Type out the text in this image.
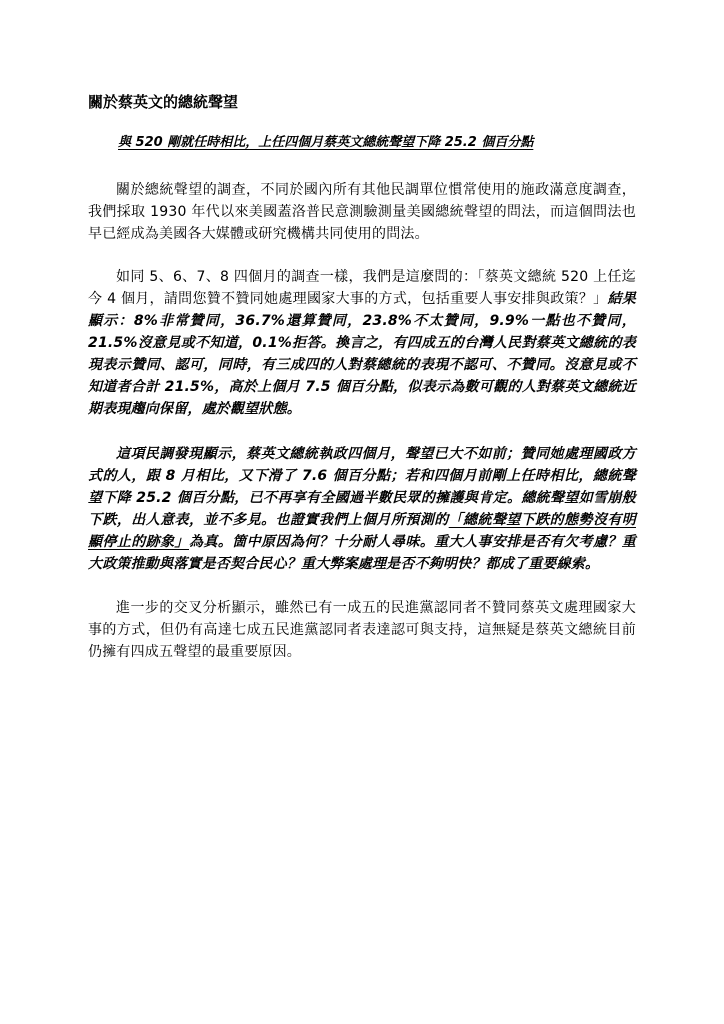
關於蔡英文的總統聲望
與 520 剛就任時相比，上任四個月蔡英文總統聲望下降 25.2 個百分點

關於總統聲望的調查，不同於國內所有其他民調單位慣常使用的施政滿意度調查，我們採取 1930 年代以來美國蓋洛普民意測驗測量美國總統聲望的問法，而這個問法也早已經成為美國各大媒體或研究機構共同使用的問法。

如同 5、6、7、8 四個月的調查一樣，我們是這麼問的：「蔡英文總統 520 上任迄今 4 個月，請問您贊不贊同她處理國家大事的方式，包括重要人事安排與政策？」結果顯示：8%非常贊同，36.7%還算贊同，23.8%不太贊同，9.9%一點也不贊同，21.5%沒意見或不知道，0.1%拒答。換言之，有四成五的台灣人民對蔡英文總統的表現表示贊同、認可，同時，有三成四的人對蔡總統的表現不認可、不贊同。沒意見或不知道者合計 21.5%，高於上個月 7.5 個百分點，似表示為數可觀的人對蔡英文總統近期表現趨向保留，處於觀望狀態。

這項民調發現顯示，蔡英文總統執政四個月，聲望已大不如前；贊同她處理國政方式的人，跟 8 月相比，又下滑了 7.6 個百分點；若和四個月前剛上任時相比，總統聲望下降 25.2 個百分點，已不再享有全國過半數民眾的擁護與肯定。總統聲望如雪崩般下跌，出人意表，並不多見。也證實我們上個月所預測的「總統聲望下跌的態勢沒有明顯停止的跡象」為真。箇中原因為何？十分耐人尋味。重大人事安排是否有欠考慮？重大政策推動與落實是否契合民心？重大弊案處理是否不夠明快？都成了重要線索。

進一步的交叉分析顯示，雖然已有一成五的民進黨認同者不贊同蔡英文處理國家大事的方式，但仍有高達七成五民進黨認同者表達認可與支持，這無疑是蔡英文總統目前仍擁有四成五聲望的最重要原因。
